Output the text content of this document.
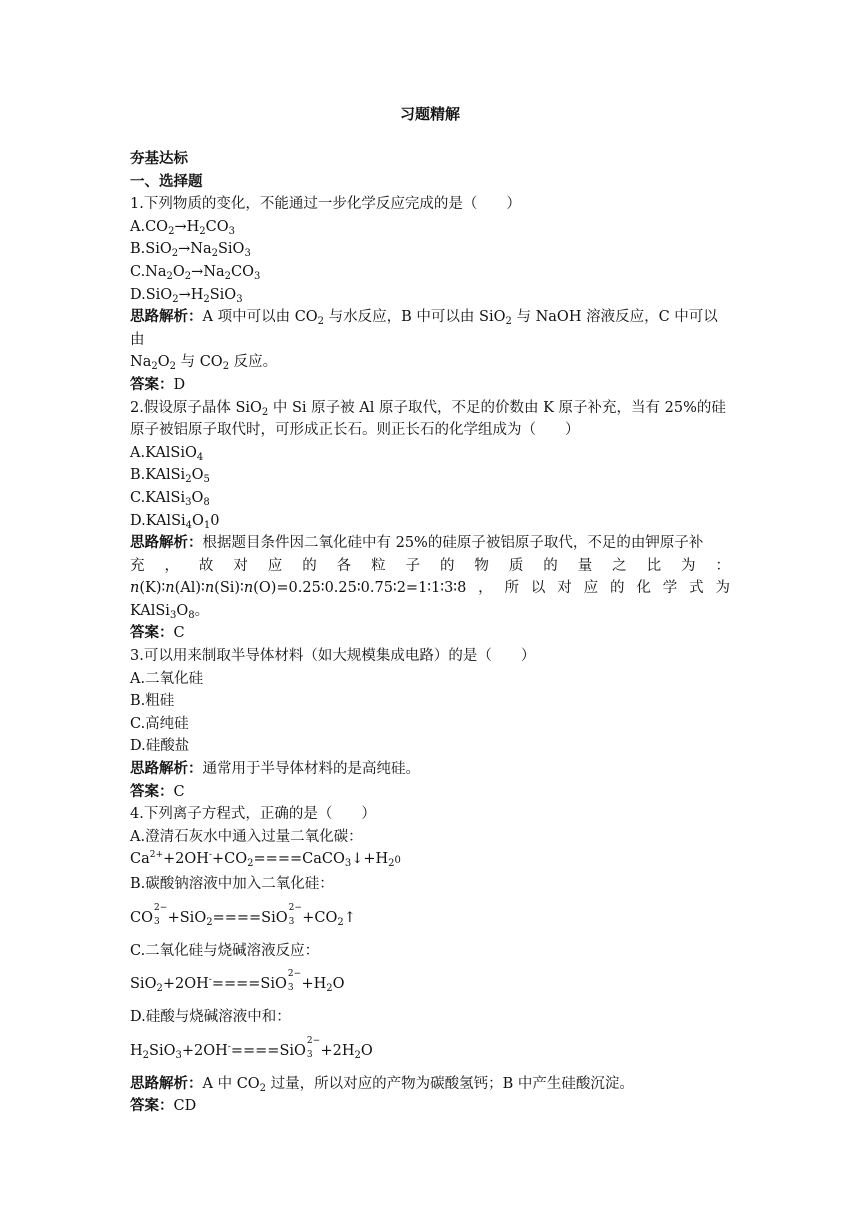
习题精解

夯基达标

一、选择题

1.下列物质的变化，不能通过一步化学反应完成的是（　　）

$A.CO_2\to H_2CO_3$

$B.SiO_2\to Na_2SiO_3$

$C.Na_2O_2\to Na_2CO_3$

$D.SiO_2\to H_2SiO_3$

思路解析：A 项中可以由 $CO_2$ 与水反应，B 中可以由 SiO$_2$ 与 NaOH 溶液反应，C 中可以由
$Na_2O_2$ 与 $CO_2$ 反应。

答案：D

2.假设原子晶体 SiO$_2$ 中 Si 原子被 Al 原子取代，不足的价数由 K 原子补充，当有 25%的硅
原子被铝原子取代时，可形成正长石。则正长石的化学组成为（　　）

A.KAlSiO$_4$

$B.KAlSi_2O_5$

$C.KAlSi_3O_8$

$D.KAlSi_4O_10$

思路解析：根据题目条件因二氧化硅中有 25%的硅原子被铝原子取代，不足的由钾原子补

充，故对应的各粒子的物质的量之比为：

n(K)∶n(Al)∶n(Si)∶n(O)=0.25∶0.25∶0.75∶2=1∶1∶3∶8，所以对应的化学式为

$KAlSi_3O_8$。

答案：C

3.可以用来制取半导体材料（如大规模集成电路）的是（　　）

A.二氧化硅

B.粗硅

C.高纯硅

D.硅酸盐

思路解析：通常用于半导体材料的是高纯硅。

答案：C

4.下列离子方程式，正确的是（　　）

A.澄清石灰水中通入过量二氧化碳：

$Ca^{2+}+2OH^-+CO_2====CaCO_3↓+H_20$

B.碳酸钠溶液中加入二氧化硅：

CO
2−
3 +SiO$_2$====SiO
2−
$3 +CO_2↑$

C.二氧化硅与烧碱溶液反应：

SiO$_2$+2OH-====SiO
2−
$3 +H_2O$

D.硅酸与烧碱溶液中和：

$H_2SiO_3+2OH^-====SiO$
2−
$3 +2H_2O$

思路解析：A 中 $CO_2$ 过量，所以对应的产物为碳酸氢钙；B 中产生硅酸沉淀。

答案：CD
